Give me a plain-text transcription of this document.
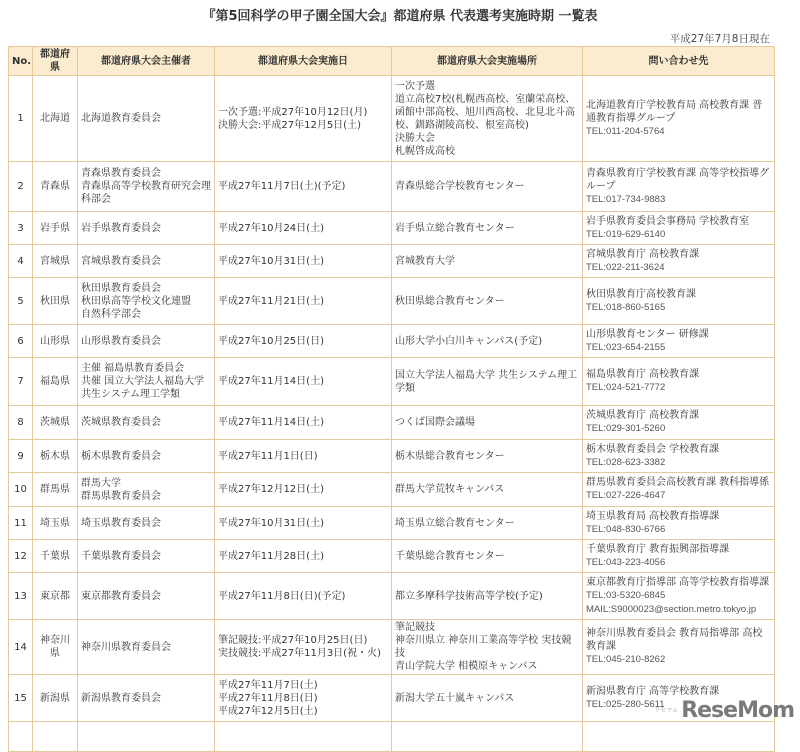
『第5回科学の甲子園全国大会』都道府県 代表選考実施時期 一覧表
平成27年7月8日現在
No.	都道府県	都道府県大会主催者	都道府県大会実施日	都道府県大会実施場所	問い合わせ先
1	北海道	北海道教育委員会	一次予選:平成27年10月12日(月)
決勝大会:平成27年12月5日(土)	一次予選
道立高校7校(札幌西高校、室蘭栄高校、函館中部高校、旭川西高校、北見北斗高校、釧路湖陵高校、根室高校)
決勝大会
札幌啓成高校	北海道教育庁学校教育局 高校教育課 普通教育指導グループ
TEL:011-204-5764

2	青森県	青森県教育委員会
青森県高等学校教育研究会理科部会	平成27年11月7日(土)(予定)	青森県総合学校教育センター	青森県教育庁学校教育課 高等学校指導グループ
TEL:017-734-9883

3	岩手県	岩手県教育委員会	平成27年10月24日(土)	岩手県立総合教育センター	岩手県教育委員会事務局 学校教育室
TEL:019-629-6140

4	宮城県	宮城県教育委員会	平成27年10月31日(土)	宮城教育大学	宮城県教育庁 高校教育課
TEL:022-211-3624

5	秋田県	秋田県教育委員会
秋田県高等学校文化連盟
自然科学部会	平成27年11月21日(土)	秋田県総合教育センター	秋田県教育庁高校教育課
TEL:018-860-5165

6	山形県	山形県教育委員会	平成27年10月25日(日)	山形大学小白川キャンパス(予定)	山形県教育センター 研修課
TEL:023-654-2155

7	福島県	主催 福島県教育委員会
共催 国立大学法人福島大学
共生システム理工学類	平成27年11月14日(土)	国立大学法人福島大学 共生システム理工学類	福島県教育庁 高校教育課
TEL:024-521-7772

8	茨城県	茨城県教育委員会	平成27年11月14日(土)	つくば国際会議場	茨城県教育庁 高校教育課
TEL:029-301-5260

9	栃木県	栃木県教育委員会	平成27年11月1日(日)	栃木県総合教育センター	栃木県教育委員会 学校教育課
TEL:028-623-3382

10	群馬県	群馬大学
群馬県教育委員会	平成27年12月12日(土)	群馬大学荒牧キャンパス	群馬県教育委員会高校教育課 教科指導係
TEL:027-226-4647

11	埼玉県	埼玉県教育委員会	平成27年10月31日(土)	埼玉県立総合教育センター	埼玉県教育局 高校教育指導課
TEL:048-830-6766

12	千葉県	千葉県教育委員会	平成27年11月28日(土)	千葉県総合教育センター	千葉県教育庁 教育振興部指導課
TEL:043-223-4056

13	東京都	東京都教育委員会	平成27年11月8日(日)(予定)	都立多摩科学技術高等学校(予定)	東京都教育庁指導部 高等学校教育指導課
TEL:03-5320-6845
MAIL:S9000023@section.metro.tokyo.jp

14	神奈川県	神奈川県教育委員会	筆記競技:平成27年10月25日(日)
実技競技:平成27年11月3日(祝・火)	筆記競技
神奈川県立 神奈川工業高等学校 実技競技
青山学院大学 相模原キャンパス	神奈川県教育委員会 教育局指導部 高校教育課
TEL:045-210-8262

15	新潟県	新潟県教育委員会	平成27年11月7日(土)
平成27年11月8日(日)
平成27年12月5日(土)	新潟大学五十嵐キャンパス	新潟県教育庁 高等学校教育課
TEL:025-280-5611

リセマム ReseMom
